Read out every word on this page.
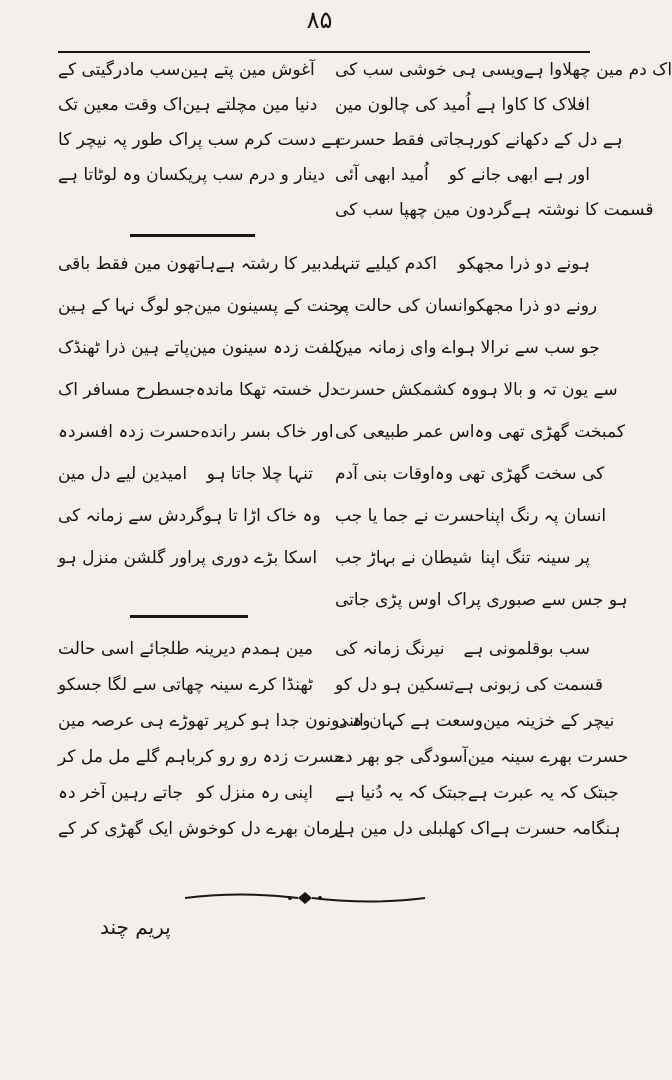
۸۵
سب مادرگیتی کے آغوش مین پتے ہین ویسی ہی خوشی سب کی اک دم مین چھلاوا ہے
اک وقت معین تک دنیا مین مچلتے ہین اُمید کی چالون مین افلاک کا کاوا ہے
اک طور پہ نیچر کا ہے دست کرم سب پر
رہجاتی فقط حسرت ہے دل کے دکھانے کو
یکسان وہ لوٹاتا ہے دینار و درم سب پر اُمید ابھی آئی اور ہے ابھی جانے کو
گردون مین چھپا سب کی قسمت کا نوشتہ ہے
ہاتھون مین فقط باقی مدبیر کا رشتہ ہے
اکدم کیلیے تنہا ہونے دو ذرا مجھکو
جو لوگ نہا کے ہین محنت کے پسینون مین
انسان کی حالت پر رونے دو ذرا مجھکو
پاتے ہین ذرا ٹھنڈک کلفت زدہ سینون مین
اے وای زمانہ مین جو سب سے نرالا ہو
جسطرح مسافر اک دل خستہ تھکا ماندہ
وہ کشمکش حسرت سے یون تہ و بالا ہو
حسرت زدہ افسردہ اور خاک بسر رانده اس عمر طبیعی کی کمبخت گھڑی تھی وہ
امیدین لیے دل مین تنہا چلا جاتا ہو اوقات بنی آدم کی سخت گھڑی تھی وہ
گردش سے زمانہ کی وہ خاک اڑا تا ہو حسرت نے جما یا جب انسان پہ رنگ اپنا
اور گلشن منزل ہو اسکا بڑے دوری پر شیطان نے بہاڑ جب پر سینہ تنگ اپنا
اک اوس پڑی جاتی ہو جس سے صبوری پر
طلجائے اسی حالت مین ہمدم دیرینہ نیرنگ زمانہ کی سب بوقلمونی ہے
چھاتی سے لگا جسکو ٹھنڈا کرے سینہ تسکین ہو دل کو قسمت کی زبونی ہے
پر تھوڑے ہی عرصہ مین وہ دونون جدا ہو کر
وسعت ہے کہان اتنی نیچر کے خزینہ مین
باہم گلے مل مل کر حسرت زدہ رو رو کر
آسودگی جو بھر دے حسرت بھرے سینہ مین
جاتے رہین آخر دہ اپنی رہ منزل کو جبتک کہ یہ دُنیا ہے جبتک کہ یہ عبرت ہے
خوش ایک گھڑی کر کے ارمان بھرے دل کو
اک کھلبلی دل مین ہے ہنگامہ حسرت ہے
پریم چند
